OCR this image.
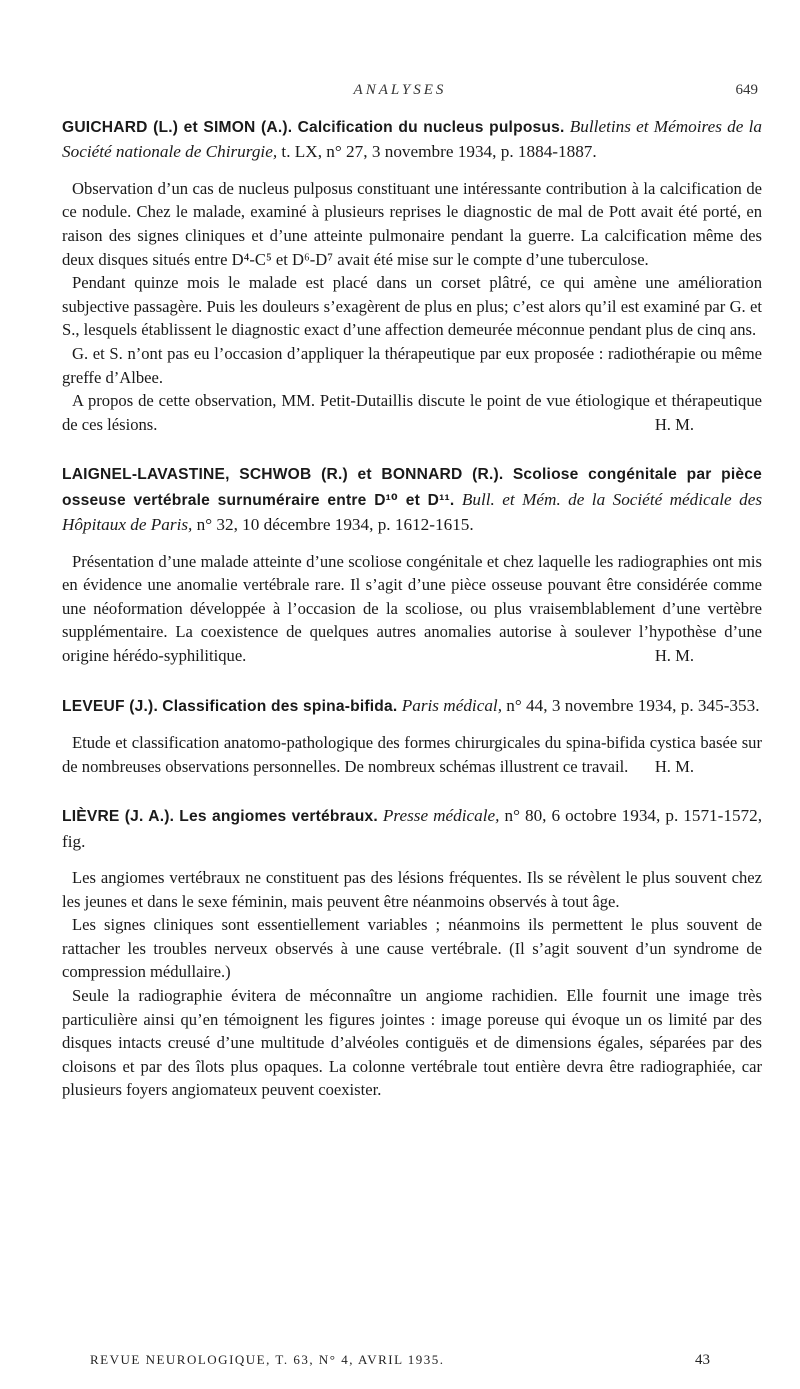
ANALYSES	649

GUICHARD (L.) et SIMON (A.). Calcification du nucleus pulposus. Bulletins et Mémoires de la Société nationale de Chirurgie, t. LX, n° 27, 3 novembre 1934, p. 1884-1887.

Observation d’un cas de nucleus pulposus constituant une intéressante contribution à la calcification de ce nodule. Chez le malade, examiné à plusieurs reprises le diagnostic de mal de Pott avait été porté, en raison des signes cliniques et d’une atteinte pulmonaire pendant la guerre. La calcification même des deux disques situés entre D⁴-C⁵ et D⁶-D⁷ avait été mise sur le compte d’une tuberculose.

Pendant quinze mois le malade est placé dans un corset plâtré, ce qui amène une amélioration subjective passagère. Puis les douleurs s’exagèrent de plus en plus; c’est alors qu’il est examiné par G. et S., lesquels établissent le diagnostic exact d’une affection demeurée méconnue pendant plus de cinq ans.

G. et S. n’ont pas eu l’occasion d’appliquer la thérapeutique par eux proposée : radiothérapie ou même greffe d’Albee.

A propos de cette observation, MM. Petit-Dutaillis discute le point de vue étiologique et thérapeutique de ces lésions.	H. M.

LAIGNEL-LAVASTINE, SCHWOB (R.) et BONNARD (R.). Scoliose congénitale par pièce osseuse vertébrale surnuméraire entre D¹⁰ et D¹¹. Bull. et Mém. de la Société médicale des Hôpitaux de Paris, n° 32, 10 décembre 1934, p. 1612-1615.

Présentation d’une malade atteinte d’une scoliose congénitale et chez laquelle les radiographies ont mis en évidence une anomalie vertébrale rare. Il s’agit d’une pièce osseuse pouvant être considérée comme une néoformation développée à l’occasion de la scoliose, ou plus vraisemblablement d’une vertèbre supplémentaire. La coexistence de quelques autres anomalies autorise à soulever l’hypothèse d’une origine hérédo-syphilitique.	H. M.

LEVEUF (J.). Classification des spina-bifida. Paris médical, n° 44, 3 novembre 1934, p. 345-353.

Etude et classification anatomo-pathologique des formes chirurgicales du spina-bifida cystica basée sur de nombreuses observations personnelles. De nombreux schémas illustrent ce travail.	H. M.

LIÈVRE (J. A.). Les angiomes vertébraux. Presse médicale, n° 80, 6 octobre 1934, p. 1571-1572, fig.

Les angiomes vertébraux ne constituent pas des lésions fréquentes. Ils se révèlent le plus souvent chez les jeunes et dans le sexe féminin, mais peuvent être néanmoins observés à tout âge.

Les signes cliniques sont essentiellement variables ; néanmoins ils permettent le plus souvent de rattacher les troubles nerveux observés à une cause vertébrale. (Il s’agit souvent d’un syndrome de compression médullaire.)

Seule la radiographie évitera de méconnaître un angiome rachidien. Elle fournit une image très particulière ainsi qu’en témoignent les figures jointes : image poreuse qui évoque un os limité par des disques intacts creusé d’une multitude d’alvéoles contiguës et de dimensions égales, séparées par des cloisons et par des îlots plus opaques. La colonne vertébrale tout entière devra être radiographiée, car plusieurs foyers angiomateux peuvent coexister.

REVUE NEUROLOGIQUE, T. 63, N° 4, AVRIL 1935.	43
